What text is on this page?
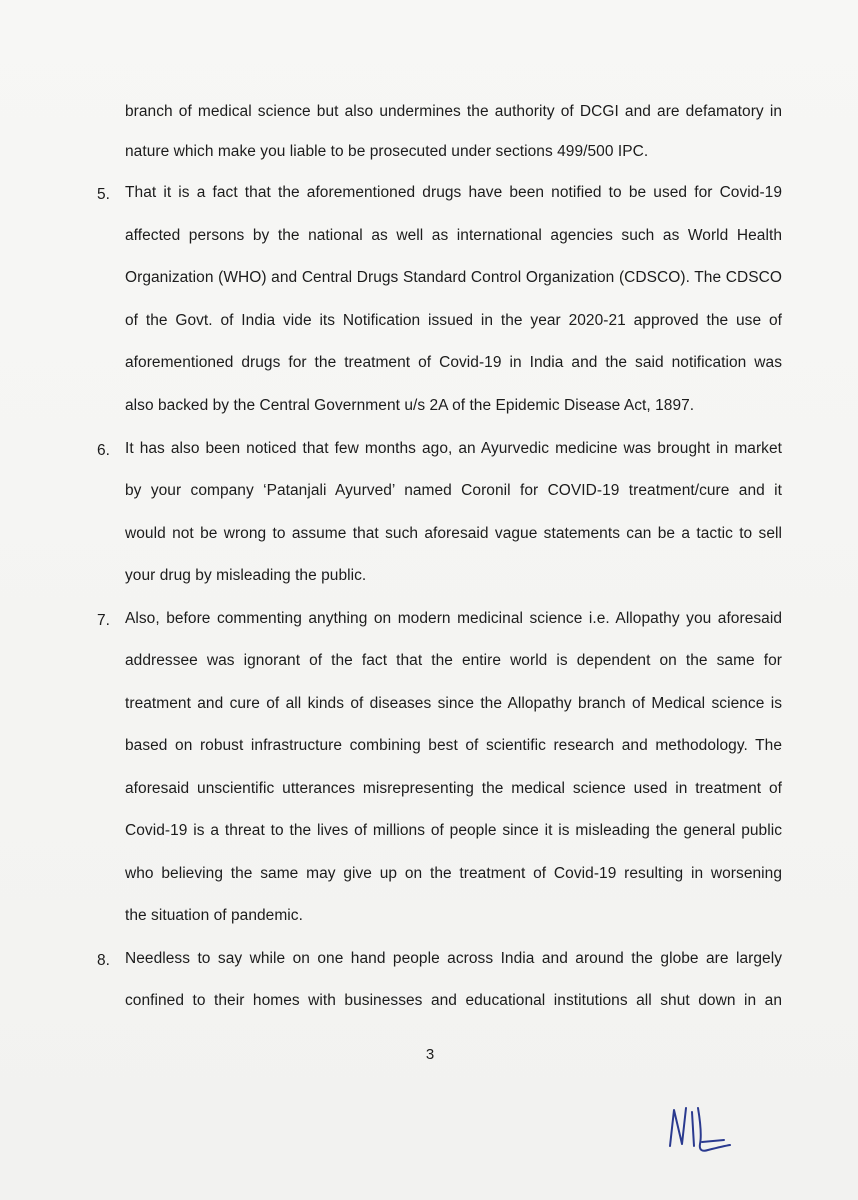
branch of medical science but also undermines the authority of DCGI and are defamatory in
nature which make you liable to be prosecuted under sections 499/500 IPC.
5. That it is a fact that the aforementioned drugs have been notified to be used for Covid-19
affected persons by the national as well as international agencies such as World Health
Organization (WHO) and Central Drugs Standard Control Organization (CDSCO). The CDSCO
of the Govt. of India vide its Notification issued in the year 2020-21 approved the use of
aforementioned drugs for the treatment of Covid-19 in India and the said notification was
also backed by the Central Government u/s 2A of the Epidemic Disease Act, 1897.
6. It has also been noticed that few months ago, an Ayurvedic medicine was brought in market
by your company ‘Patanjali Ayurved’ named Coronil for COVID-19 treatment/cure and it
would not be wrong to assume that such aforesaid vague statements can be a tactic to sell
your drug by misleading the public.
7. Also, before commenting anything on modern medicinal science i.e. Allopathy you aforesaid
addressee was ignorant of the fact that the entire world is dependent on the same for
treatment and cure of all kinds of diseases since the Allopathy branch of Medical science is
based on robust infrastructure combining best of scientific research and methodology. The
aforesaid unscientific utterances misrepresenting the medical science used in treatment of
Covid-19 is a threat to the lives of millions of people since it is misleading the general public
who believing the same may give up on the treatment of Covid-19 resulting in worsening
the situation of pandemic.
8. Needless to say while on one hand people across India and around the globe are largely
confined to their homes with businesses and educational institutions all shut down in an
3
